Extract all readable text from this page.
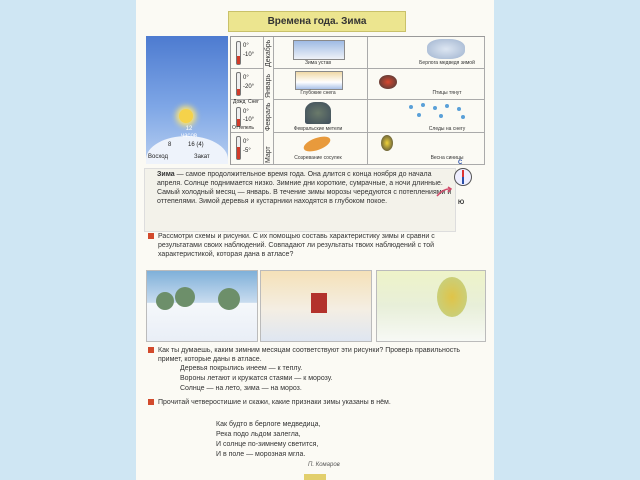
Времена года. Зима
12
часов
8	16 (4)
Восход	Закат
Декабрь
Январь
Февраль
Март
0°
-10°
0°
-20°
Дожд Снег
0°
-10°
Оттепель
0°
-5°
Зима устав
Глубокие снега
Февральские метели
Созревание сосулек
Берлога медведя зимой
Птицы тянут
Следы на снегу
Весна синицы

Зима — самое продолжительное время года. Она длится с конца ноября до начала апреля. Солнце поднимается низко. Зимние дни короткие, сумрачные, а ночи длинные. Самый холодный месяц — январь. В течение зимы морозы чередуются с потеплениями и оттепелями. Зимой деревья и кустарники находятся в глубоком покое.

С
Ю
Рассмотри схемы и рисунки. С их помощью составь характеристику зимы и сравни с результатами своих наблюдений. Совпадают ли результаты твоих наблюдений с той характеристикой, которая дана в атласе?
Как ты думаешь, каким зимним месяцам соответствуют эти рисунки? Проверь правильность примет, которые даны в атласе.
Деревья покрылись инеем — к теплу.
Вороны летают и кружатся стаями — к морозу.
Солнце — на лето, зима — на мороз.
Прочитай четверостишие и скажи, какие признаки зимы указаны в нём.
Как будто в берлоге медведица,
Река подо льдом залегла,
И солнце по-зимнему светится,
И в поле — морозная мгла.
П. Комаров
